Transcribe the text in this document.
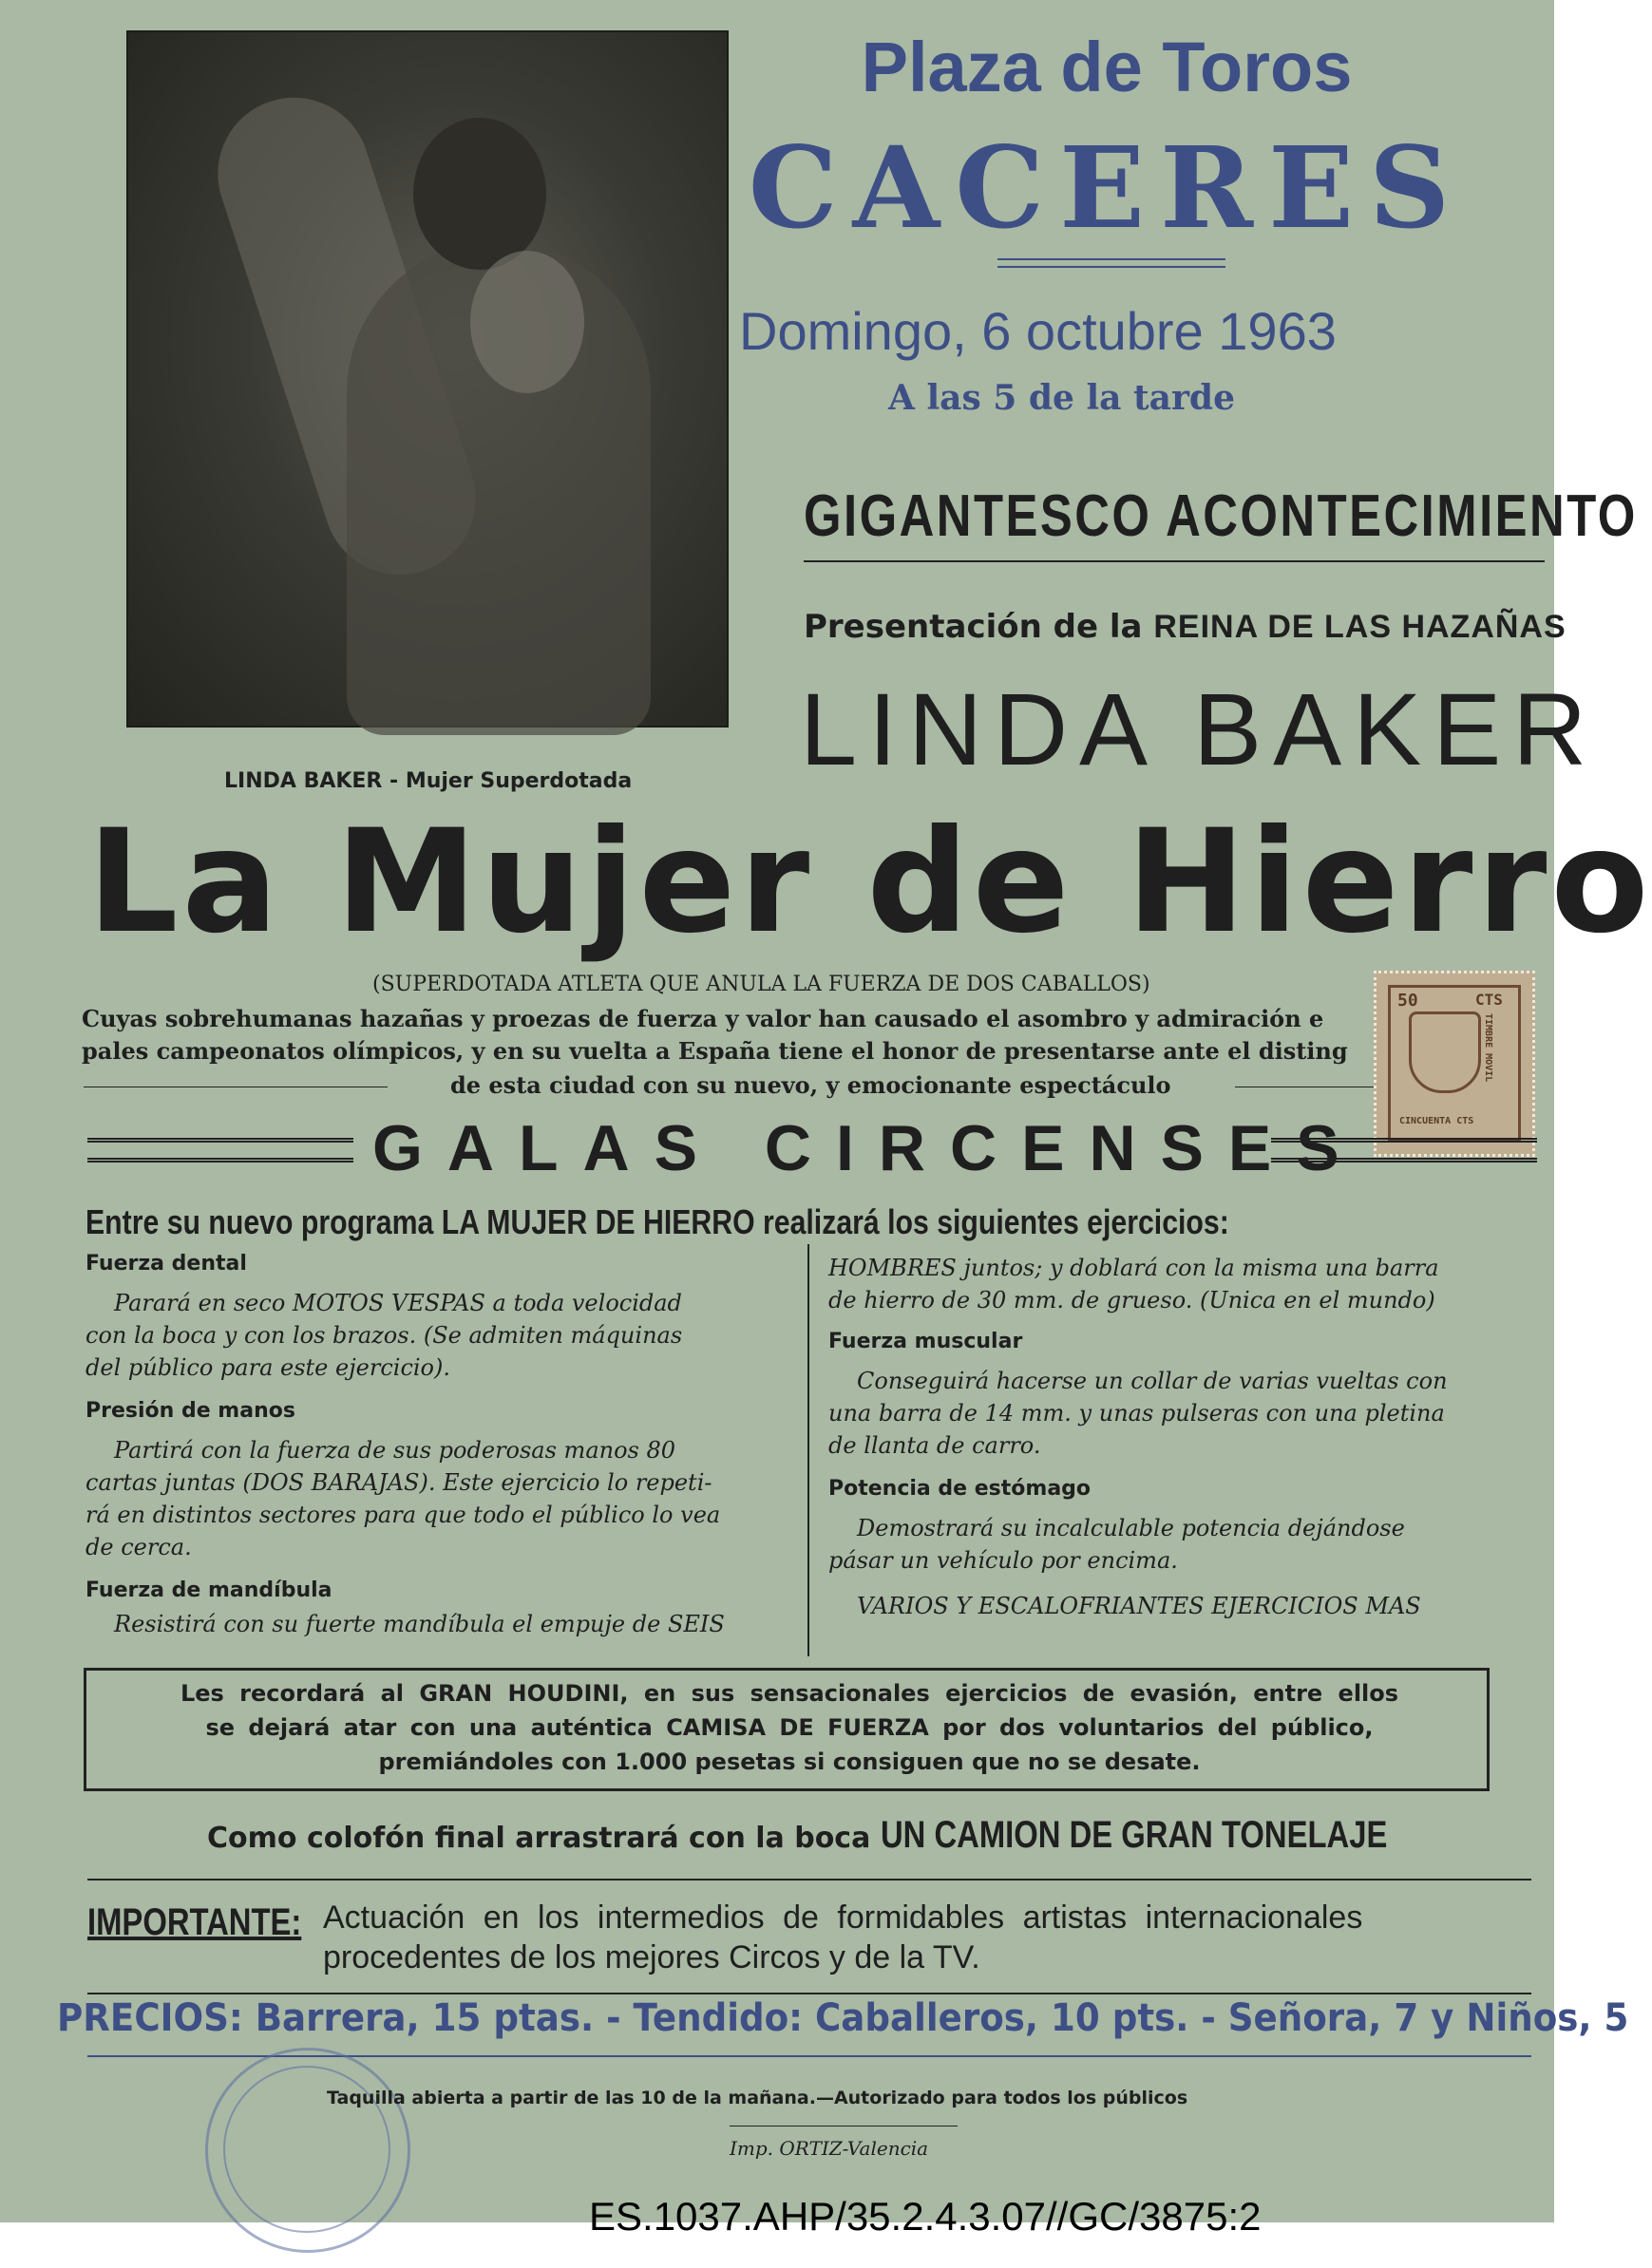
Plaza de Toros
CACERES
Domingo, 6 octubre 1963
A las 5 de la tarde
GIGANTESCO ACONTECIMIENTO
Presentación de la REINA DE LAS HAZAÑAS
LINDA BAKER
LINDA BAKER - Mujer Superdotada
La Mujer de Hierro
(SUPERDOTADA ATLETA QUE ANULA LA FUERZA DE DOS CABALLOS)
Cuyas sobrehumanas hazañas y proezas de fuerza y valor han causado el asombro y admiración e
pales campeonatos olímpicos, y en su vuelta a España tiene el honor de presentarse ante el disting
de esta ciudad con su nuevo, y emocionante espectáculo
50	CTS
TIMBRE MOVIL
CINCUENTA CTS
GALAS CIRCENSES
Entre su nuevo programa LA MUJER DE HIERRO realizará los siguientes ejercicios:
Fuerza dental
Parará en seco MOTOS VESPAS a toda velocidad
con la boca y con los brazos. (Se admiten máquinas
del público para este ejercicio).
Presión de manos
Partirá con la fuerza de sus poderosas manos 80
cartas juntas (DOS BARAJAS). Este ejercicio lo repeti-
rá en distintos sectores para que todo el público lo vea
de cerca.
Fuerza de mandíbula
Resistirá con su fuerte mandíbula el empuje de SEIS
HOMBRES juntos; y doblará con la misma una barra
de hierro de 30 mm. de grueso. (Unica en el mundo)
Fuerza muscular
Conseguirá hacerse un collar de varias vueltas con
una barra de 14 mm. y unas pulseras con una pletina
de llanta de carro.
Potencia de estómago
Demostrará su incalculable potencia dejándose
pásar un vehículo por encima.
VARIOS Y ESCALOFRIANTES EJERCICIOS MAS
Les recordará al GRAN HOUDINI, en sus sensacionales ejercicios de evasión, entre ellos
se dejará atar con una auténtica CAMISA DE FUERZA por dos voluntarios del público,
premiándoles con 1.000 pesetas si consiguen que no se desate.
Como colofón final arrastrará con la boca UN CAMION DE GRAN TONELAJE
IMPORTANTE: Actuación en los intermedios de formidables artistas internacionales
procedentes de los mejores Circos y de la TV.
PRECIOS: Barrera, 15 ptas. - Tendido: Caballeros, 10 pts. - Señora, 7 y Niños, 5
Taquilla abierta a partir de las 10 de la mañana.—Autorizado para todos los públicos
Imp. ORTIZ-Valencia
ES.1037.AHP/35.2.4.3.07//GC/3875:2
